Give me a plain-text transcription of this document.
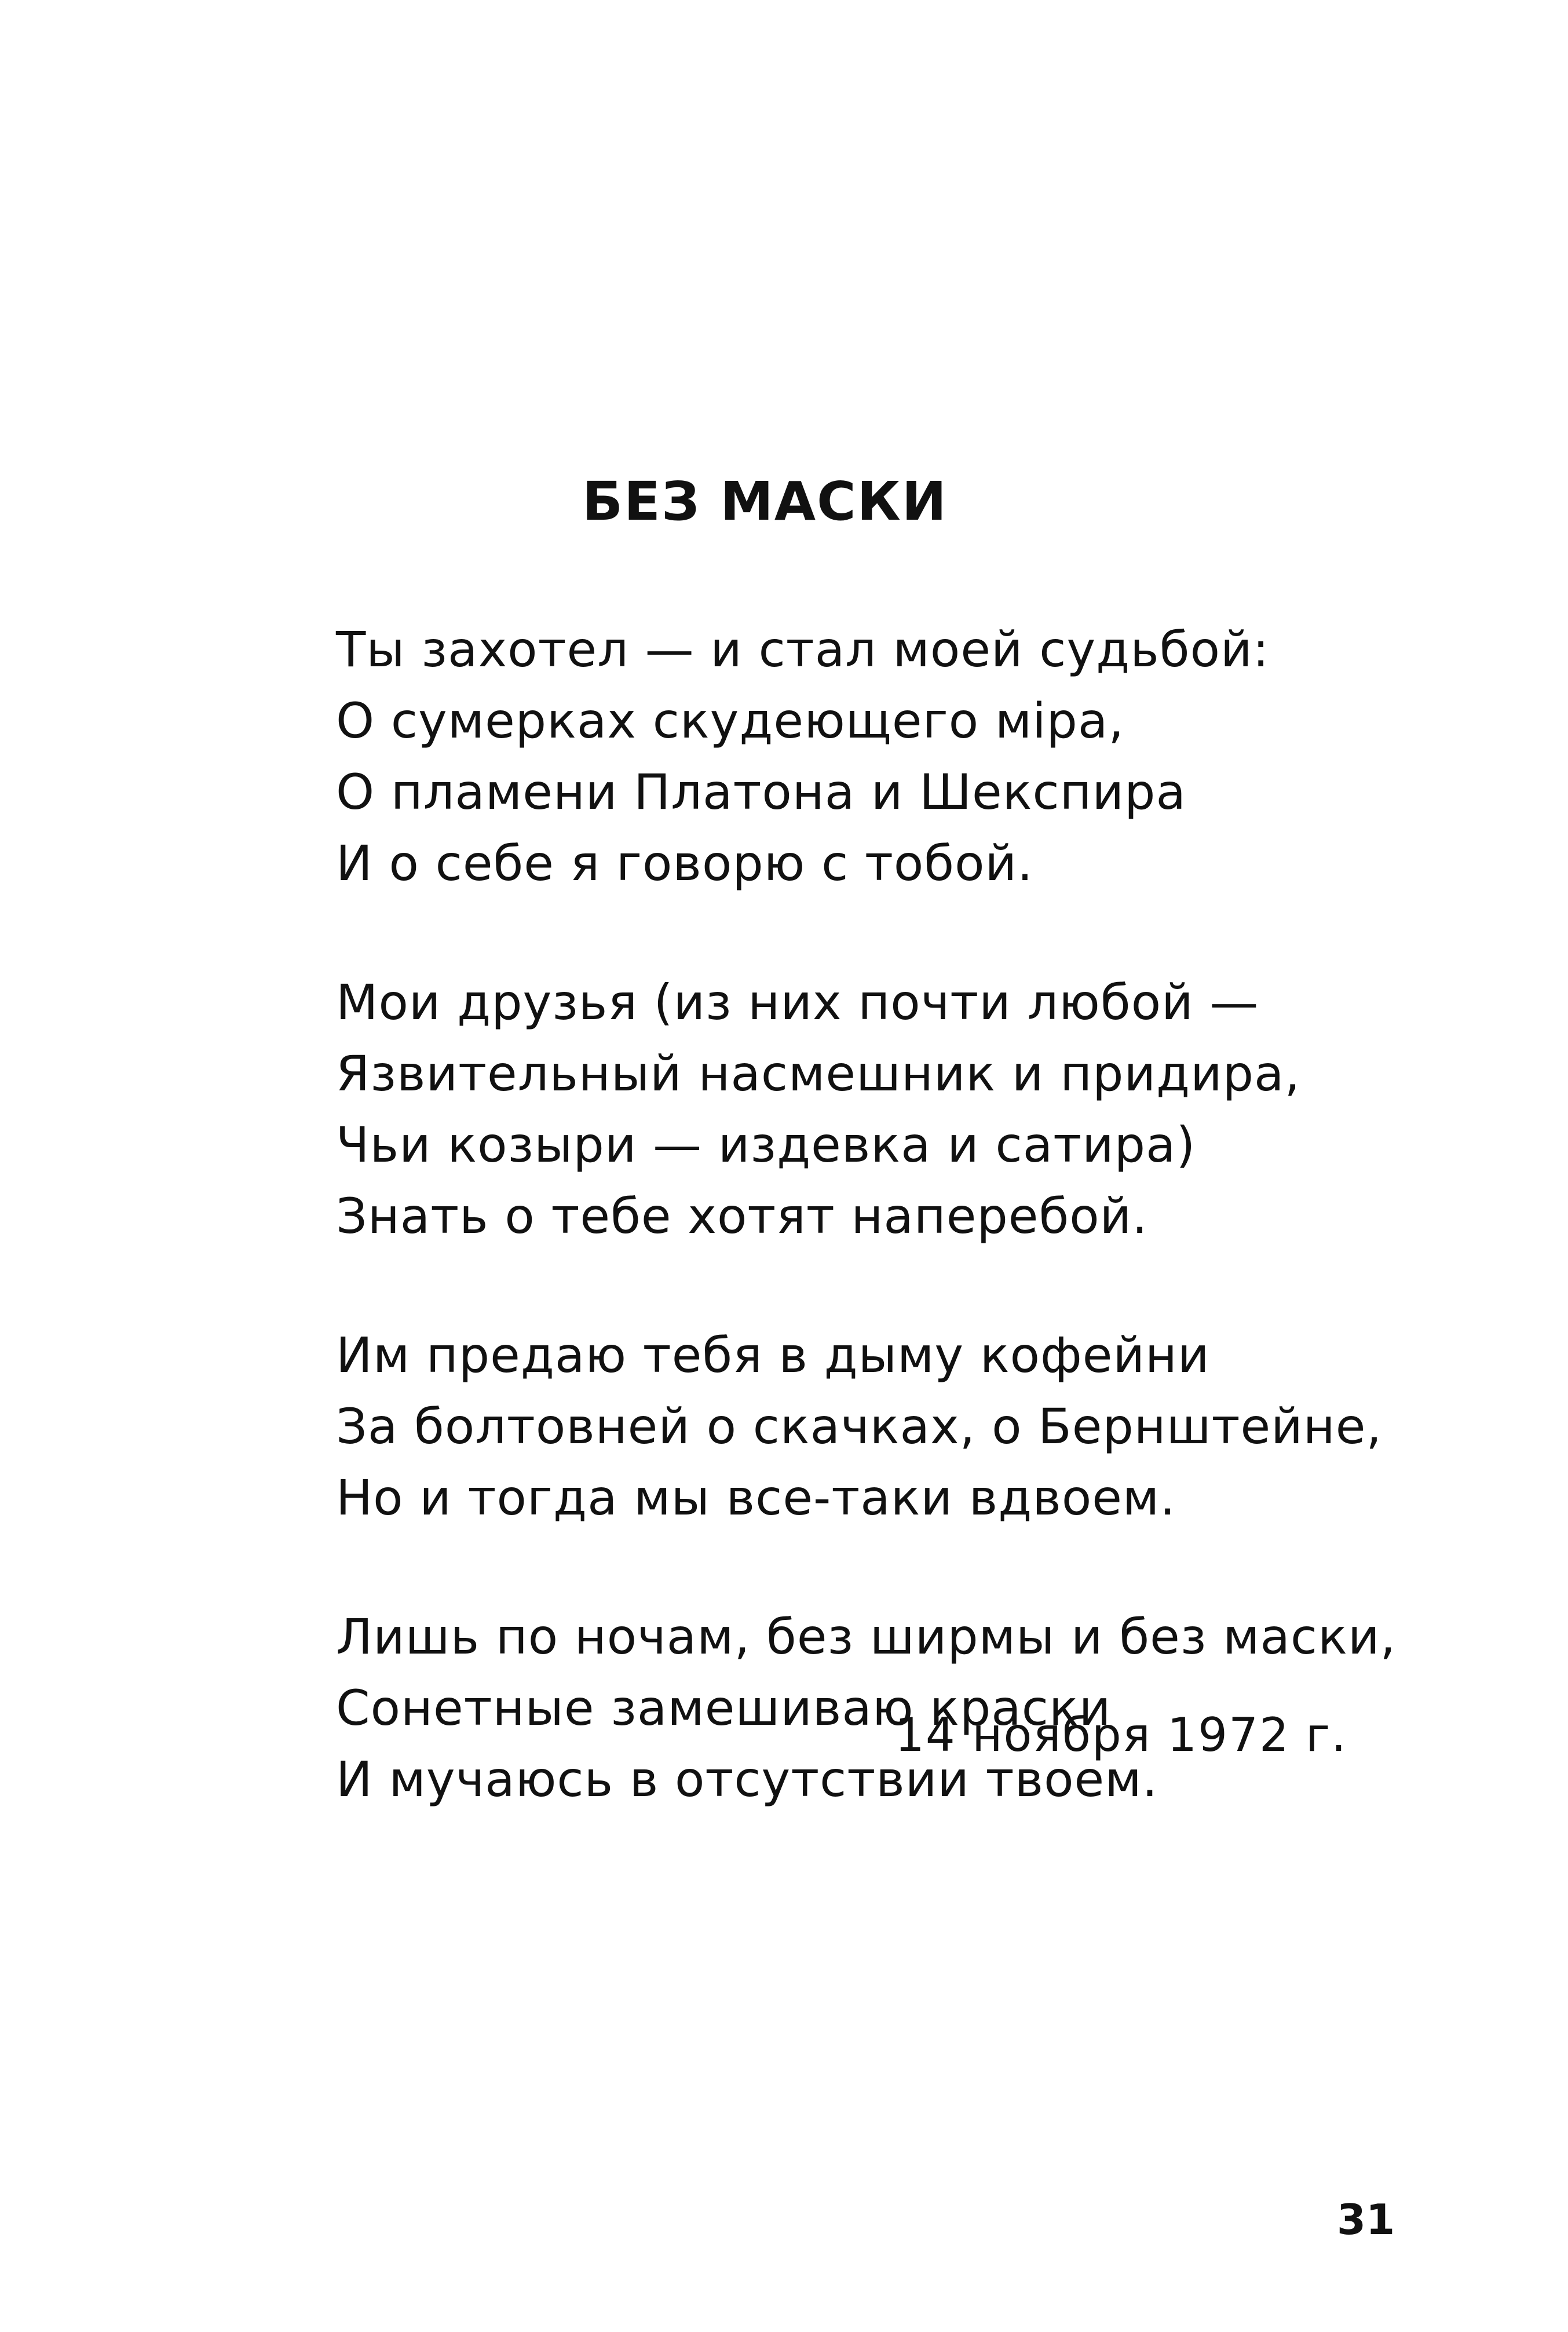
БЕЗ МАСКИ
Ты захотел — и стал моей судьбой:
О сумерках скудеющего міра,
О пламени Платона и Шекспира
И о себе я говорю с тобой.
Мои друзья (из них почти любой —
Язвительный насмешник и придира,
Чьи козыри — издевка и сатира)
Знать о тебе хотят наперебой.
Им предаю тебя в дыму кофейни
За болтовней о скачках, о Бернштейне,
Но и тогда мы все-таки вдвоем.
Лишь по ночам, без ширмы и без маски,
Сонетные замешиваю краски
И мучаюсь в отсутствии твоем.
14 ноября 1972 г.
31
